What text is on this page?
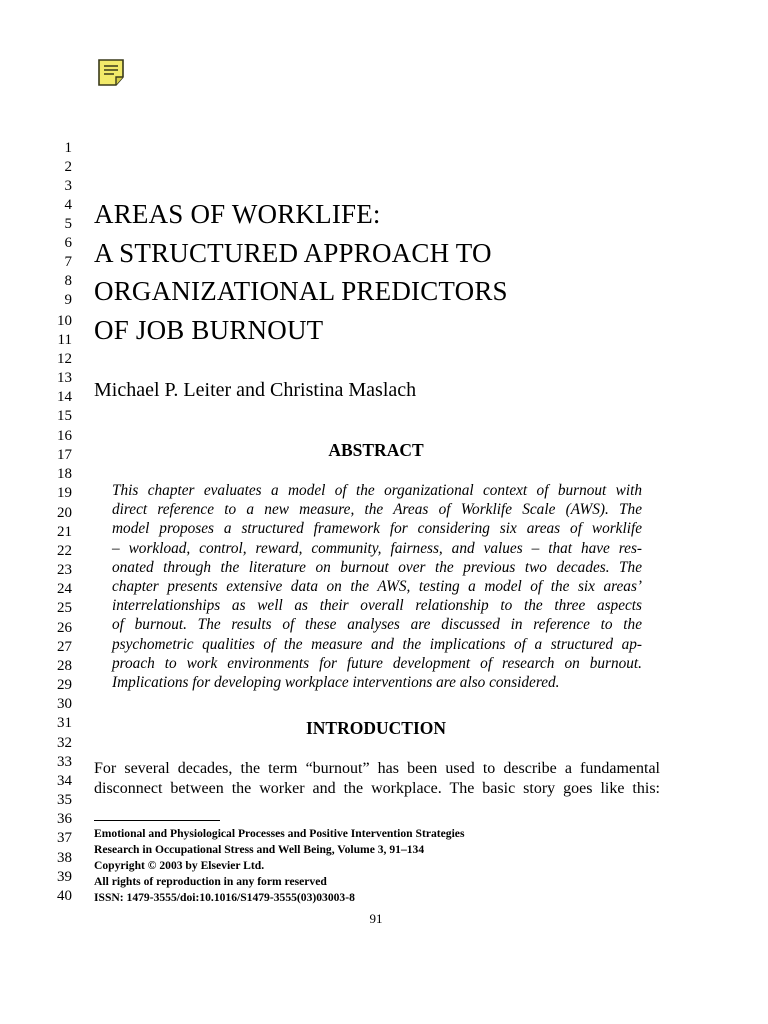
1
2
3
4
5
6
7
8
9
10
11
12
13
14
15
16
17
18
19
20
21
22
23
24
25
26
27
28
29
30
31
32
33
34
35
36
37
38
39
40
AREAS OF WORKLIFE:
A STRUCTURED APPROACH TO
ORGANIZATIONAL PREDICTORS
OF JOB BURNOUT
Michael P. Leiter and Christina Maslach
ABSTRACT
This chapter evaluates a model of the organizational context of burnout with
direct reference to a new measure, the Areas of Worklife Scale (AWS). The
model proposes a structured framework for considering six areas of worklife
– workload, control, reward, community, fairness, and values – that have res-
onated through the literature on burnout over the previous two decades. The
chapter presents extensive data on the AWS, testing a model of the six areas’
interrelationships as well as their overall relationship to the three aspects
of burnout. The results of these analyses are discussed in reference to the
psychometric qualities of the measure and the implications of a structured ap-
proach to work environments for future development of research on burnout.
Implications for developing workplace interventions are also considered.
INTRODUCTION
For several decades, the term “burnout” has been used to describe a fundamental
disconnect between the worker and the workplace. The basic story goes like this:
Emotional and Physiological Processes and Positive Intervention Strategies
Research in Occupational Stress and Well Being, Volume 3, 91–134
Copyright © 2003 by Elsevier Ltd.
All rights of reproduction in any form reserved
ISSN: 1479-3555/doi:10.1016/S1479-3555(03)03003-8
91
